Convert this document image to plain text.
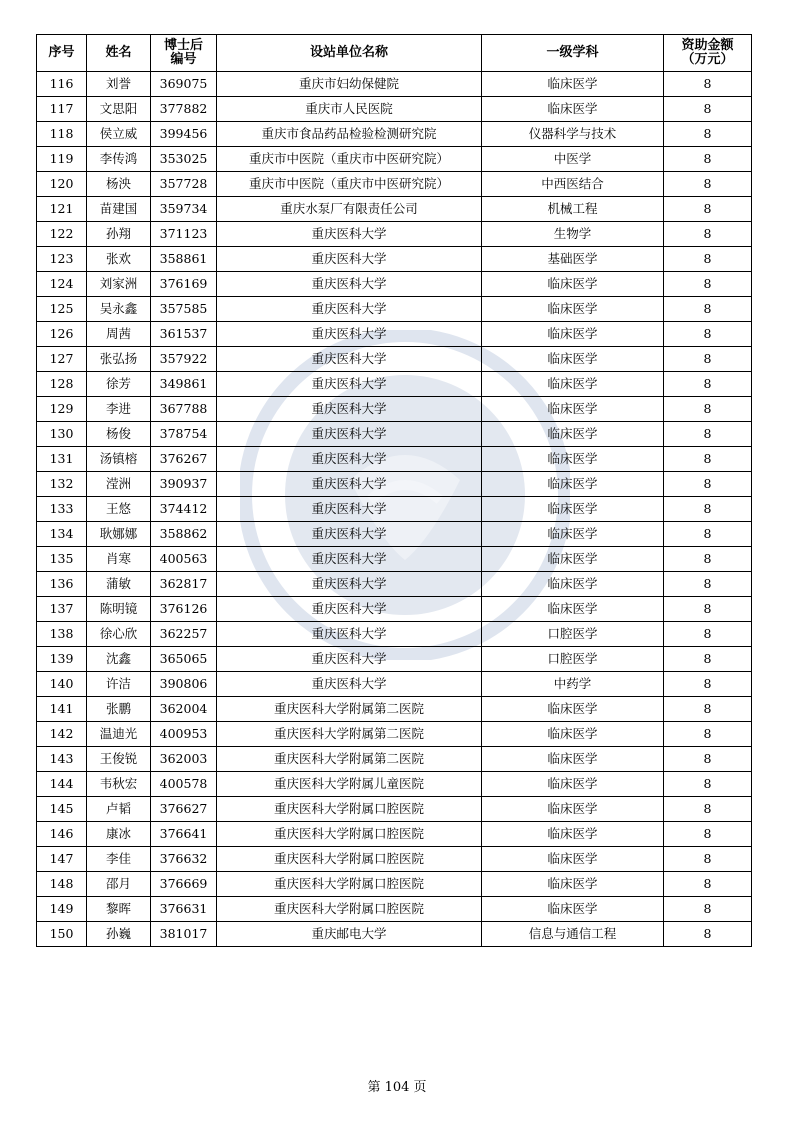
序号	姓名	博士后编号	设站单位名称	一级学科	资助金额（万元）
116	刘誉	369075	重庆市妇幼保健院	临床医学	8
117	文思阳	377882	重庆市人民医院	临床医学	8
118	侯立威	399456	重庆市食品药品检验检测研究院	仪器科学与技术	8
119	李传鸿	353025	重庆市中医院（重庆市中医研究院）	中医学	8
120	杨泱	357728	重庆市中医院（重庆市中医研究院）	中西医结合	8
121	苗建国	359734	重庆水泵厂有限责任公司	机械工程	8
122	孙翔	371123	重庆医科大学	生物学	8
123	张欢	358861	重庆医科大学	基础医学	8
124	刘家洲	376169	重庆医科大学	临床医学	8
125	吴永鑫	357585	重庆医科大学	临床医学	8
126	周茜	361537	重庆医科大学	临床医学	8
127	张弘扬	357922	重庆医科大学	临床医学	8
128	徐芳	349861	重庆医科大学	临床医学	8
129	李进	367788	重庆医科大学	临床医学	8
130	杨俊	378754	重庆医科大学	临床医学	8
131	汤镇榕	376267	重庆医科大学	临床医学	8
132	滢洲	390937	重庆医科大学	临床医学	8
133	王悠	374412	重庆医科大学	临床医学	8
134	耿娜娜	358862	重庆医科大学	临床医学	8
135	肖寒	400563	重庆医科大学	临床医学	8
136	蒲敏	362817	重庆医科大学	临床医学	8
137	陈明镜	376126	重庆医科大学	临床医学	8
138	徐心欣	362257	重庆医科大学	口腔医学	8
139	沈鑫	365065	重庆医科大学	口腔医学	8
140	许洁	390806	重庆医科大学	中药学	8
141	张鹏	362004	重庆医科大学附属第二医院	临床医学	8
142	温迪光	400953	重庆医科大学附属第二医院	临床医学	8
143	王俊锐	362003	重庆医科大学附属第二医院	临床医学	8
144	韦秋宏	400578	重庆医科大学附属儿童医院	临床医学	8
145	卢韬	376627	重庆医科大学附属口腔医院	临床医学	8
146	康冰	376641	重庆医科大学附属口腔医院	临床医学	8
147	李佳	376632	重庆医科大学附属口腔医院	临床医学	8
148	邵月	376669	重庆医科大学附属口腔医院	临床医学	8
149	黎晖	376631	重庆医科大学附属口腔医院	临床医学	8
150	孙巍	381017	重庆邮电大学	信息与通信工程	8
第 104 页
